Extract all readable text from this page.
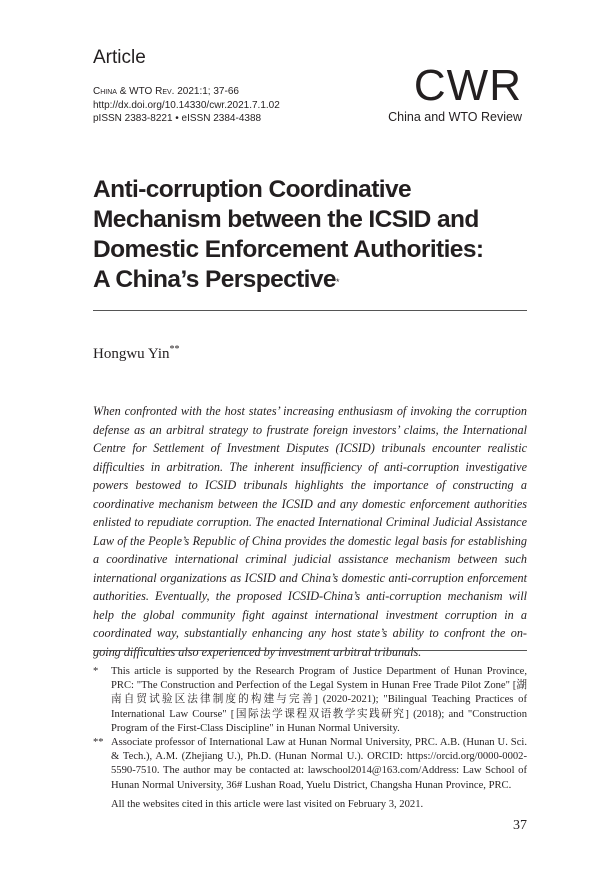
Article
China & WTO Rev. 2021:1; 37-66
http://dx.doi.org/10.14330/cwr.2021.7.1.02
pISSN 2383-8221 • eISSN 2384-4388
CWR
China and WTO Review
Anti-corruption Coordinative
Mechanism between the ICSID and
Domestic Enforcement Authorities:
A China’s Perspective*
Hongwu Yin**

When confronted with the host states’ increasing enthusiasm of invoking the corruption defense as an arbitral strategy to frustrate foreign investors’ claims, the International Centre for Settlement of Investment Disputes (ICSID) tribunals encounter realistic difficulties in arbitration. The inherent insufficiency of anti-corruption investigative powers bestowed to ICSID tribunals highlights the importance of constructing a coordinative mechanism between the ICSID and any domestic enforcement authorities enlisted to repudiate corruption. The enacted International Criminal Judicial Assistance Law of the People’s Republic of China provides the domestic legal basis for establishing a coordinative international criminal judicial assistance mechanism between such international organizations as ICSID and China’s domestic anti-corruption enforcement authorities. Eventually, the proposed ICSID-China’s anti-corruption mechanism will help the global community fight against international investment corruption in a coordinated way, substantially enhancing any host state’s ability to confront the on-going difficulties also experienced by investment arbitral tribunals.

*	This article is supported by the Research Program of Justice Department of Hunan Province, PRC: "The Construction and Perfection of the Legal System in Hunan Free Trade Pilot Zone" [湖南自贸试验区法律制度的构建与完善] (2020-2021); "Bilingual Teaching Practices of International Law Course" [国际法学课程双语教学实践研究] (2018); and "Construction Program of the First-Class Discipline" in Hunan Normal University.
** Associate professor of International Law at Hunan Normal University, PRC. A.B. (Hunan U. Sci. & Tech.), A.M. (Zhejiang U.), Ph.D. (Hunan Normal U.). ORCID: https://orcid.org/0000-0002-5590-7510. The author may be contacted at: lawschool2014@163.com/Address: Law School of Hunan Normal University, 36# Lushan Road, Yuelu District, Changsha Hunan Province, PRC.
All the websites cited in this article were last visited on February 3, 2021.
37
